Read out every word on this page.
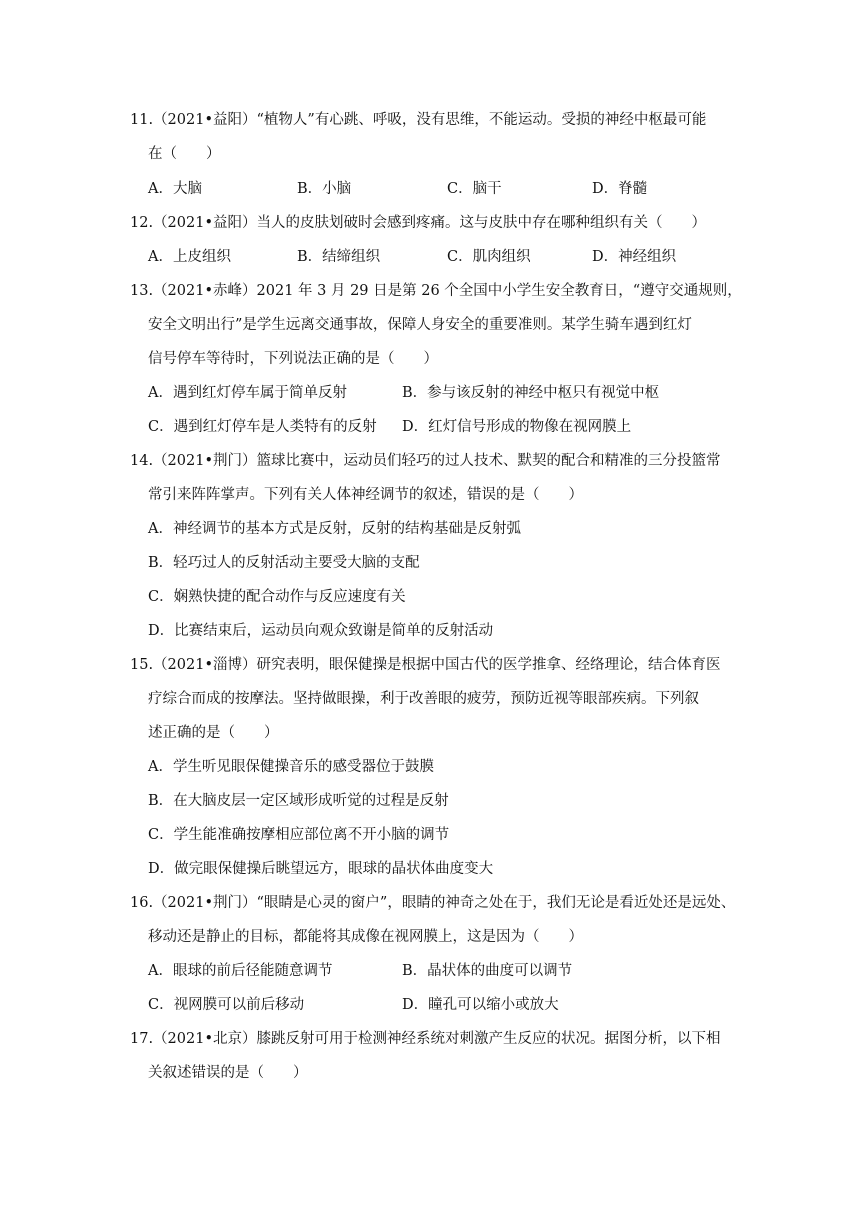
11.（2021•益阳）“植物人”有心跳、呼吸，没有思维，不能运动。受损的神经中枢最可能
在（　　）
A．大脑	B．小脑	C．脑干	D．脊髓
12.（2021•益阳）当人的皮肤划破时会感到疼痛。这与皮肤中存在哪种组织有关（　　）
A．上皮组织	B．结缔组织	C．肌肉组织	D．神经组织
13.（2021•赤峰）2021 年 3 月 29 日是第 26 个全国中小学生安全教育日，“遵守交通规则，
安全文明出行”是学生远离交通事故，保障人身安全的重要准则。某学生骑车遇到红灯
信号停车等待时，下列说法正确的是（　　）
A．遇到红灯停车属于简单反射	B．参与该反射的神经中枢只有视觉中枢
C．遇到红灯停车是人类特有的反射 D．红灯信号形成的物像在视网膜上
14.（2021•荆门）篮球比赛中，运动员们轻巧的过人技术、默契的配合和精准的三分投篮常
常引来阵阵掌声。下列有关人体神经调节的叙述，错误的是（　　）
A．神经调节的基本方式是反射，反射的结构基础是反射弧
B．轻巧过人的反射活动主要受大脑的支配
C．娴熟快捷的配合动作与反应速度有关
D．比赛结束后，运动员向观众致谢是简单的反射活动
15.（2021•淄博）研究表明，眼保健操是根据中国古代的医学推拿、经络理论，结合体育医
疗综合而成的按摩法。坚持做眼操，利于改善眼的疲劳，预防近视等眼部疾病。下列叙
述正确的是（　　）
A．学生听见眼保健操音乐的感受器位于鼓膜
B．在大脑皮层一定区域形成听觉的过程是反射
C．学生能准确按摩相应部位离不开小脑的调节
D．做完眼保健操后眺望远方，眼球的晶状体曲度变大
16.（2021•荆门）“眼睛是心灵的窗户”，眼睛的神奇之处在于，我们无论是看近处还是远处、
移动还是静止的目标，都能将其成像在视网膜上，这是因为（　　）
A．眼球的前后径能随意调节	B．晶状体的曲度可以调节
C．视网膜可以前后移动	D．瞳孔可以缩小或放大
17.（2021•北京）膝跳反射可用于检测神经系统对刺激产生反应的状况。据图分析，以下相
关叙述错误的是（　　）
